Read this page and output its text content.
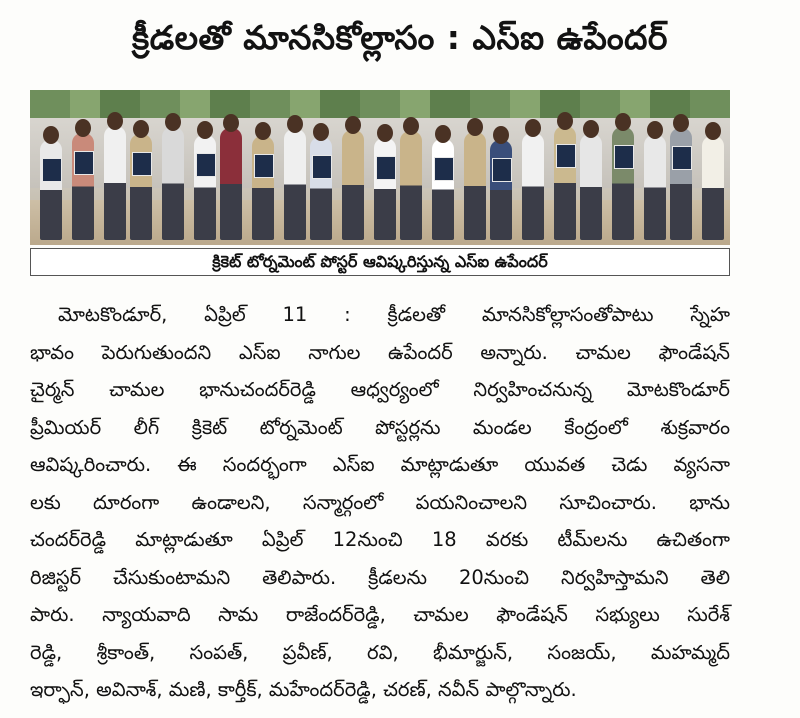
క్రీడలతో మానసికోల్లాసం : ఎస్ఐ ఉపేందర్
క్రికెట్ టోర్నమెంట్ పోస్టర్ ఆవిష్కరిస్తున్న ఎస్ఐ ఉపేందర్
మోటకొండూర్, ఏప్రిల్ 11 : క్రీడలతో మానసికోల్లాసంతోపాటు స్నేహ
భావం పెరుగుతుందని ఎస్ఐ నాగుల ఉపేందర్ అన్నారు. చామల ఫౌండేషన్
చైర్మన్ చామల భానుచందర్‌రెడ్డి ఆధ్వర్యంలో నిర్వహించనున్న మోటకొండూర్
ప్రీమియర్ లీగ్ క్రికెట్ టోర్నమెంట్ పోస్టర్లను మండల కేంద్రంలో శుక్రవారం
ఆవిష్కరించారు. ఈ సందర్భంగా ఎస్ఐ మాట్లాడుతూ యువత చెడు వ్యసనా
లకు దూరంగా ఉండాలని, సన్మార్గంలో పయనించాలని సూచించారు. భాను
చందర్‌రెడ్డి మాట్లాడుతూ ఏప్రిల్ 12నుంచి 18 వరకు టీమ్‌లను ఉచితంగా
రిజిస్టర్ చేసుకుంటామని తెలిపారు. క్రీడలను 20నుంచి నిర్వహిస్తామని తెలి
పారు. న్యాయవాది సామ రాజేందర్‌రెడ్డి, చామల ఫౌండేషన్ సభ్యులు సురేశ్
రెడ్డి, శ్రీకాంత్, సంపత్, ప్రవీణ్, రవి, భీమార్జున్, సంజయ్, మహమ్మద్
ఇర్ఫాన్, అవినాశ్, మణి, కార్తీక్, మహేందర్‌రెడ్డి, చరణ్, నవీన్ పాల్గొన్నారు.
